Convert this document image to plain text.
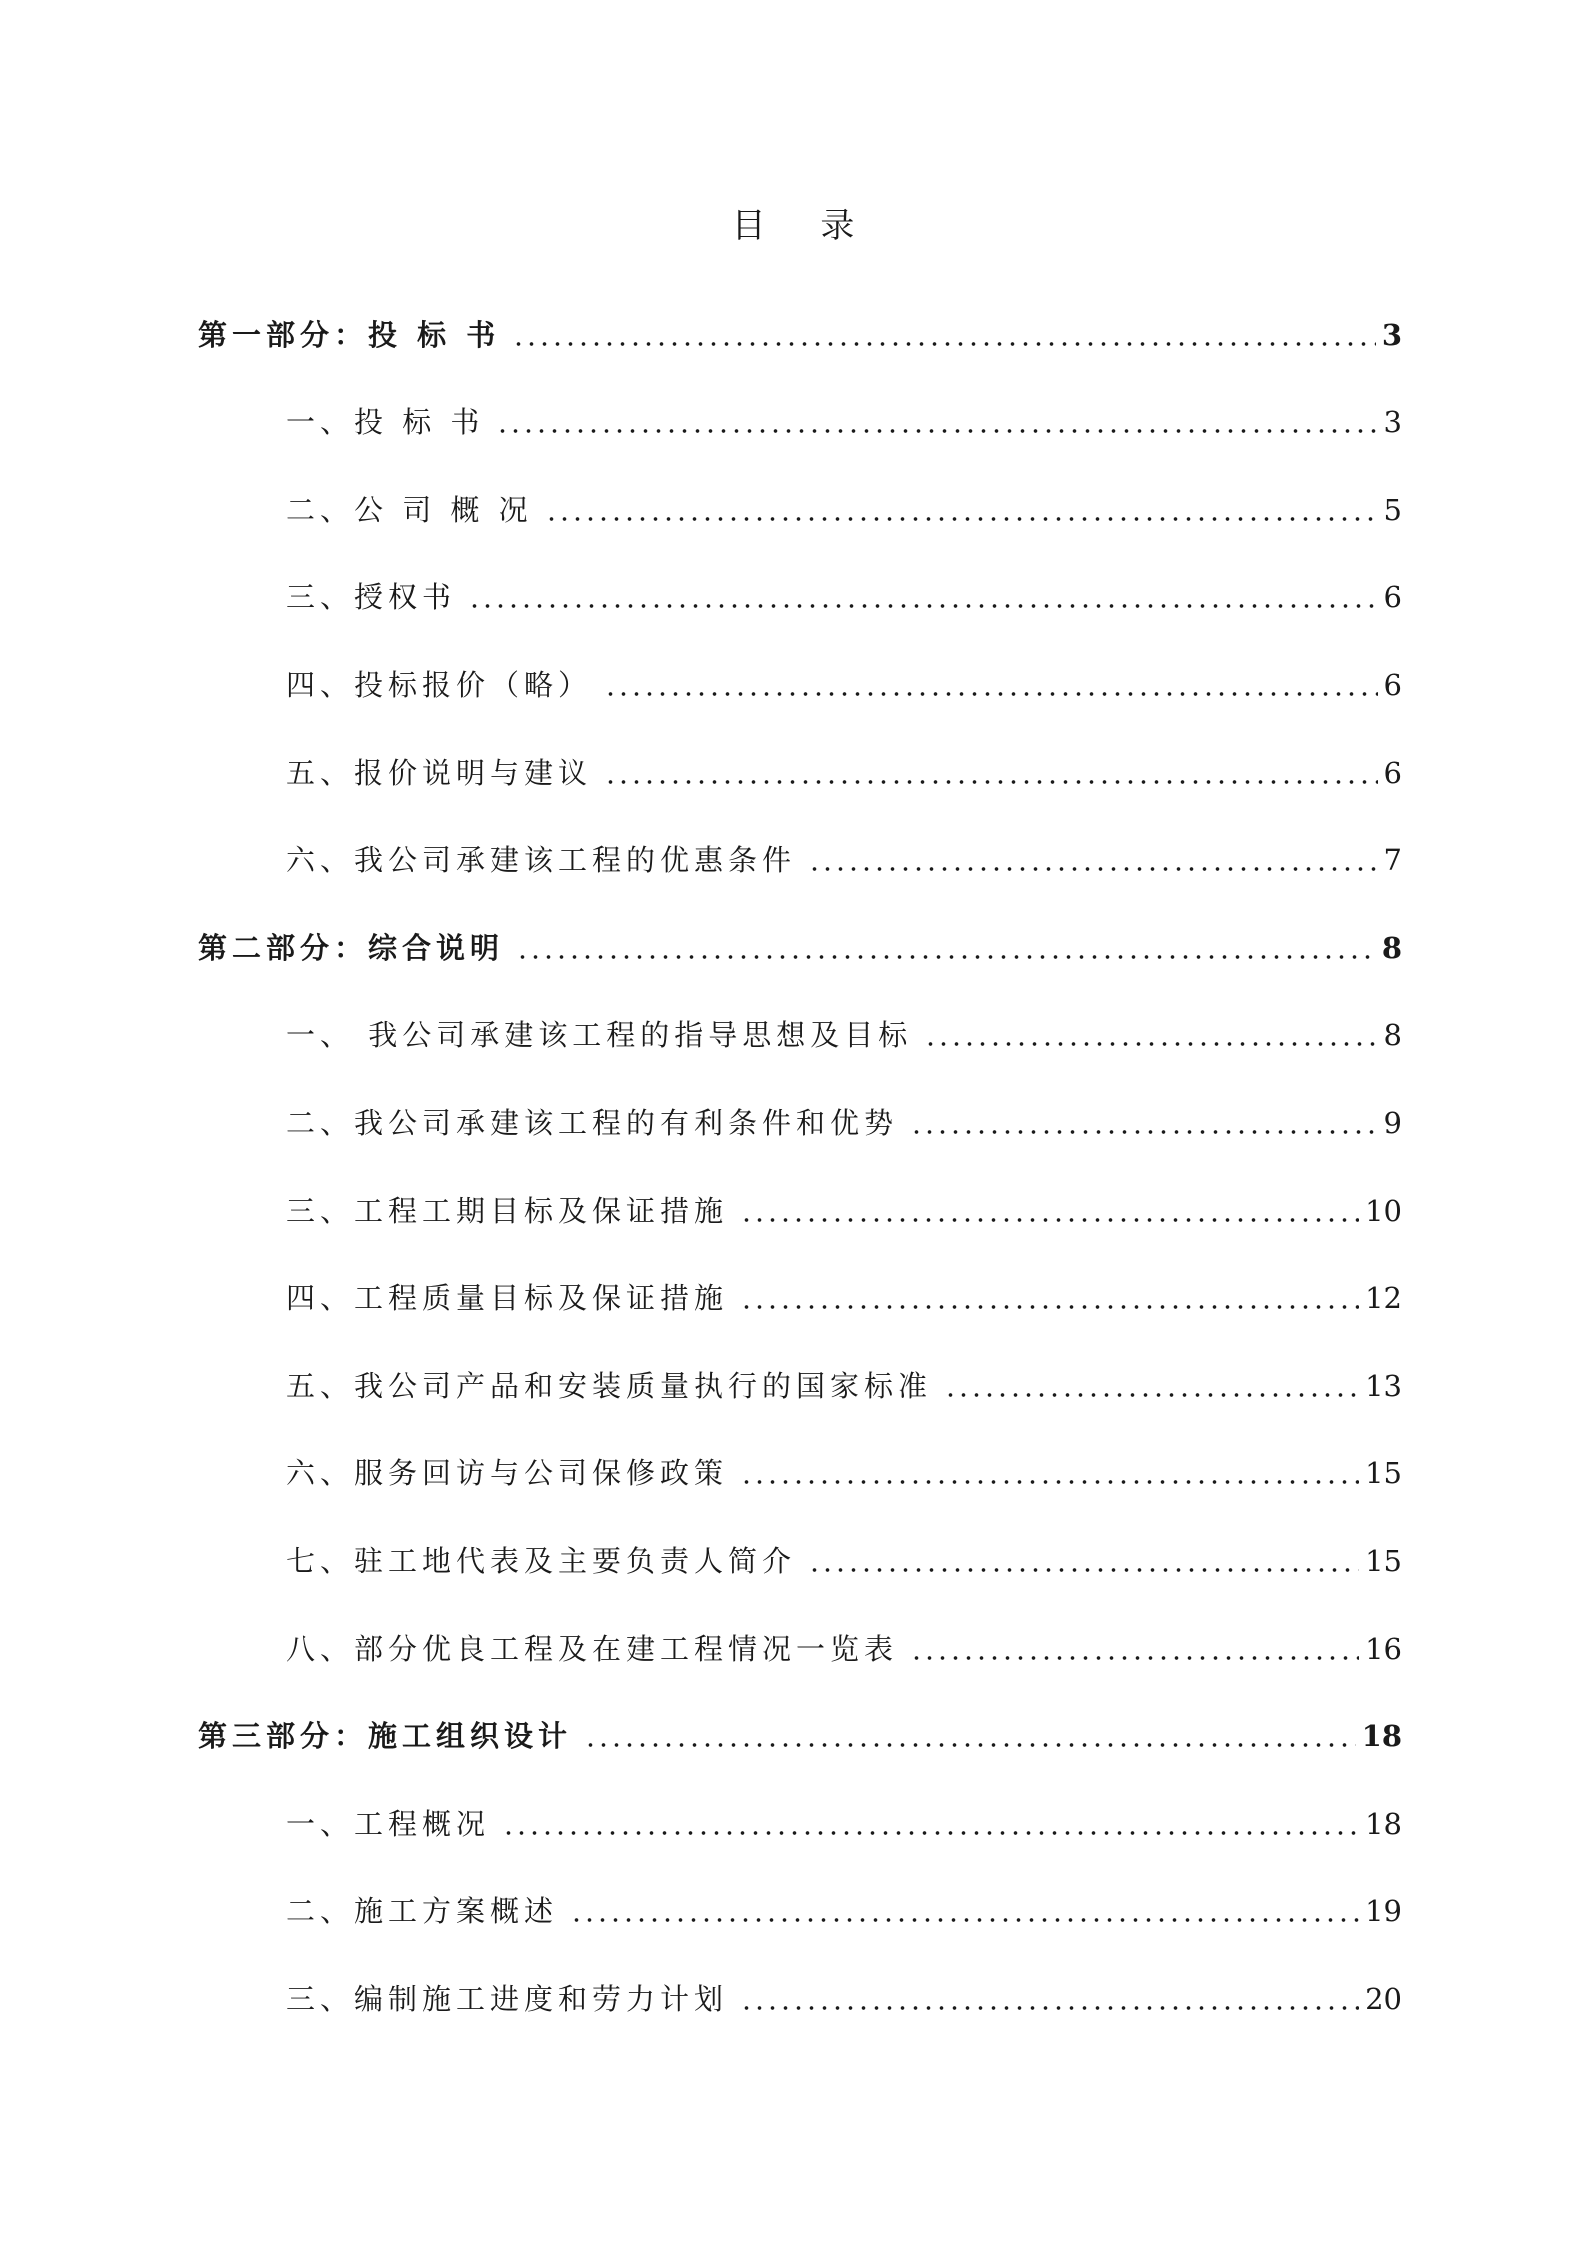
目 录
第一部分：投 标 书	3
一、投 标 书	3
二、公 司 概 况	5
三、授权书	6
四、投标报价（略）	6
五、报价说明与建议	6
六、我公司承建该工程的优惠条件	7
第二部分：综合说明	8
一、 我公司承建该工程的指导思想及目标	8
二、我公司承建该工程的有利条件和优势	9
三、工程工期目标及保证措施	10
四、工程质量目标及保证措施	12
五、我公司产品和安装质量执行的国家标准	13
六、服务回访与公司保修政策	15
七、驻工地代表及主要负责人简介	15
八、部分优良工程及在建工程情况一览表	16
第三部分：施工组织设计	18
一、工程概况	18
二、施工方案概述	19
三、编制施工进度和劳力计划	20
